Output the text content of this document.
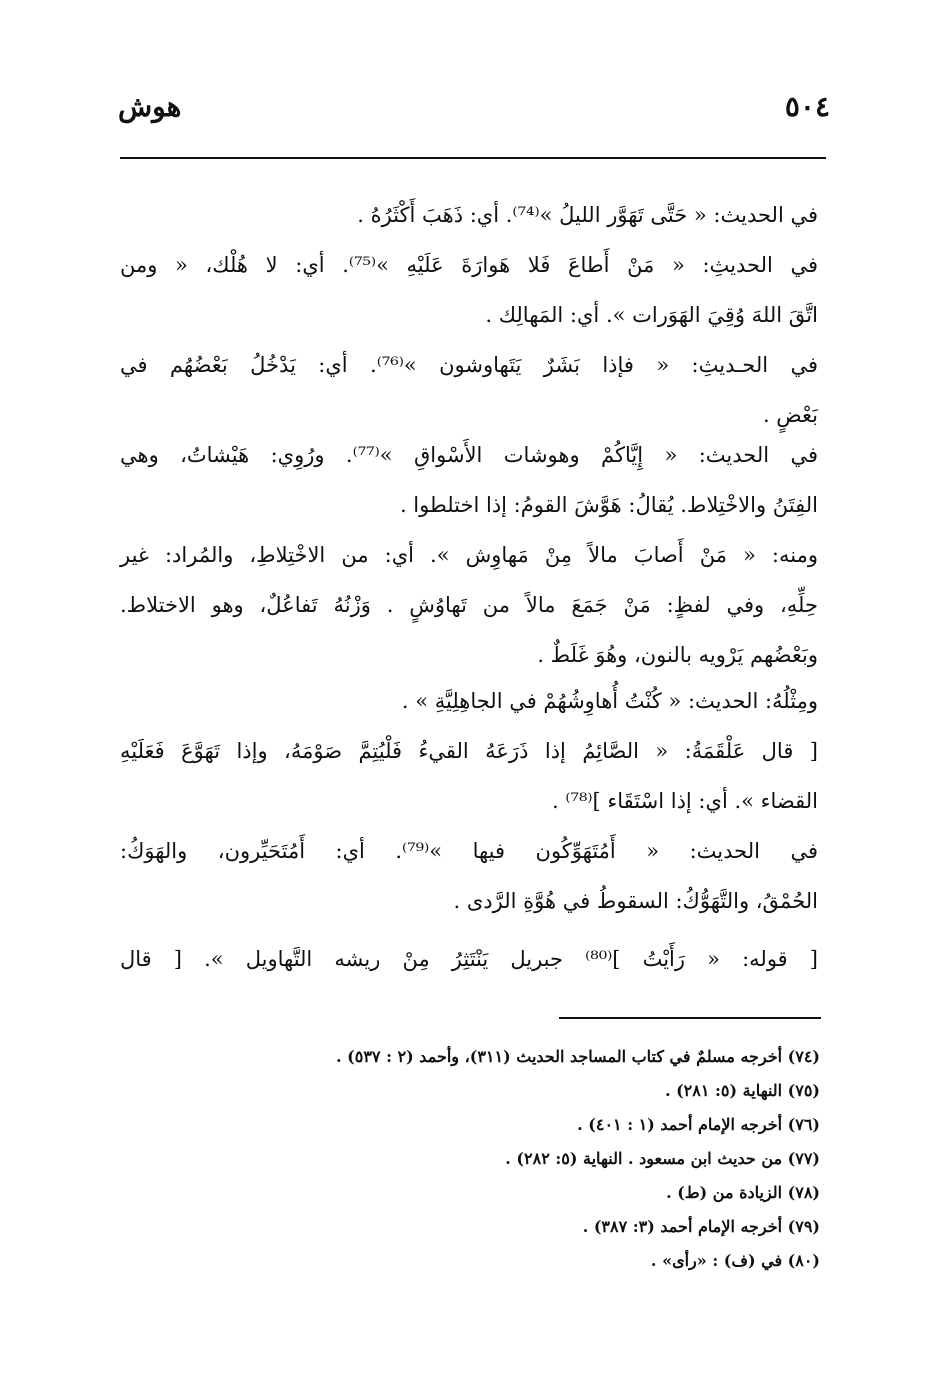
هوش	٥٠٤
في الحديث: « حَتَّى تَهَوَّر الليلُ »⁽⁷⁴⁾. أي: ذَهَبَ أَكْثَرُهُ .
في الحديثِ: « مَنْ أَطاعَ فَلا هَوارَةَ عَلَيْهِ »⁽⁷⁵⁾. أي: لا هُلْك، « ومن
اتَّقَ اللهَ وُقِيَ الهَوَرات ». أي: المَهالِك .
في الحـديثِ: « فإذا بَشَرٌ يَتَهاوشون »⁽⁷⁶⁾. أي: يَدْخُلُ بَعْضُهُم في
بَعْضٍ .
في الحديث: « إِيَّاكُمْ وهوشات الأَسْواقِ »⁽⁷⁷⁾. ورُوِي: هَيْشاتُ، وهي
الفِتَنُ والاخْتِلاط. يُقالُ: هَوَّشَ القومُ: إذا اختلطوا .
ومنه: « مَنْ أَصابَ مالاً مِنْ مَهاوِش ». أي: من الاخْتِلاطِ، والمُراد: غير
حِلِّهِ، وفي لفظٍ: مَنْ جَمَعَ مالاً من تَهاوُشٍ . وَزْنُهُ تَفاعُلٌ، وهو الاختلاط.
وبَعْضُهم يَرْويه بالنون، وهُوَ غَلَطٌ .
ومِثْلُهُ: الحديث: « كُنْتُ أُهاوِشُهُمْ في الجاهِلِيَّةِ » .
[ قال عَلْقَمَةُ: « الصَّائِمُ إذا ذَرَعَهُ القيءُ فَلْيُتِمَّ صَوْمَهُ، وإذا تَهَوَّعَ فَعَلَيْهِ
القضاء ». أي: إذا اسْتَقَاء ]⁽⁷⁸⁾ .
في الحديث: « أَمُتَهَوِّكُون فيها »⁽⁷⁹⁾. أي: أَمُتَحَيِّرون، والهَوَكُ:
الحُمْقُ، والتَّهَوُّكُ: السقوطُ في هُوَّةِ الرَّدى .
[ قوله: « رَأَيْتُ ]⁽⁸⁰⁾ جبريل يَنْتَثِرُ مِنْ ريشه التَّهاويل ». [ قال
(٧٤) أخرجه مسلمٌ في كتاب المساجد الحديث (٣١١)، وأحمد (٢ : ٥٣٧) .
(٧٥) النهاية (٥: ٢٨١) .
(٧٦) أخرجه الإمام أحمد (١ : ٤٠١) .
(٧٧) من حديث ابن مسعود . النهاية (٥: ٢٨٢) .
(٧٨) الزيادة من (ط) .
(٧٩) أخرجه الإمام أحمد (٣: ٣٨٧) .
(٨٠) في (ف) : «رأى» .
